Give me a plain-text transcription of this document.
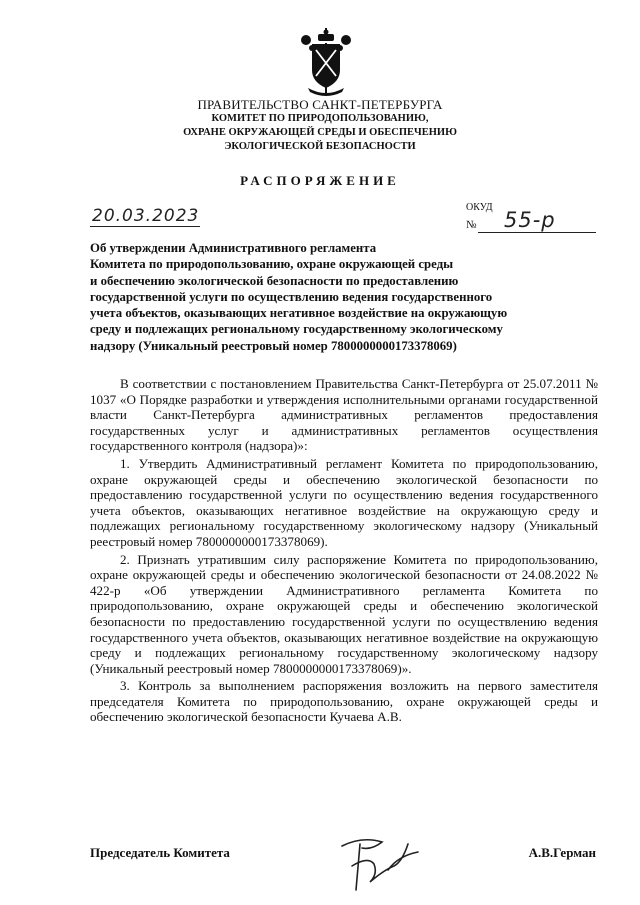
ПРАВИТЕЛЬСТВО САНКТ-ПЕТЕРБУРГА
КОМИТЕТ ПО ПРИРОДОПОЛЬЗОВАНИЮ,
ОХРАНЕ ОКРУЖАЮЩЕЙ СРЕДЫ И ОБЕСПЕЧЕНИЮ
ЭКОЛОГИЧЕСКОЙ БЕЗОПАСНОСТИ
РАСПОРЯЖЕНИЕ
20.03.2023	ОКУД
№ 55-р
Об утверждении Административного регламента
Комитета по природопользованию, охране окружающей среды
и обеспечению экологической безопасности по предоставлению
государственной услуги по осуществлению ведения государственного
учета объектов, оказывающих негативное воздействие на окружающую
среду и подлежащих региональному государственному экологическому
надзору (Уникальный реестровый номер 7800000000173378069)
В соответствии с постановлением Правительства Санкт-Петербурга от 25.07.2011 № 1037 «О Порядке разработки и утверждения исполнительными органами государственной власти Санкт-Петербурга административных регламентов предоставления государственных услуг и административных регламентов осуществления государственного контроля (надзора)»:
1. Утвердить Административный регламент Комитета по природопользованию, охране окружающей среды и обеспечению экологической безопасности по предоставлению государственной услуги по осуществлению ведения государственного учета объектов, оказывающих негативное воздействие на окружающую среду и подлежащих региональному государственному экологическому надзору (Уникальный реестровый номер 7800000000173378069).
2. Признать утратившим силу распоряжение Комитета по природопользованию, охране окружающей среды и обеспечению экологической безопасности от 24.08.2022 № 422-р «Об утверждении Административного регламента Комитета по природопользованию, охране окружающей среды и обеспечению экологической безопасности по предоставлению государственной услуги по осуществлению ведения государственного учета объектов, оказывающих негативное воздействие на окружающую среду и подлежащих региональному государственному экологическому надзору (Уникальный реестровый номер 7800000000173378069)».
3. Контроль за выполнением распоряжения возложить на первого заместителя председателя Комитета по природопользованию, охране окружающей среды и обеспечению экологической безопасности Кучаева А.В.
Председатель Комитета	А.В.Герман
